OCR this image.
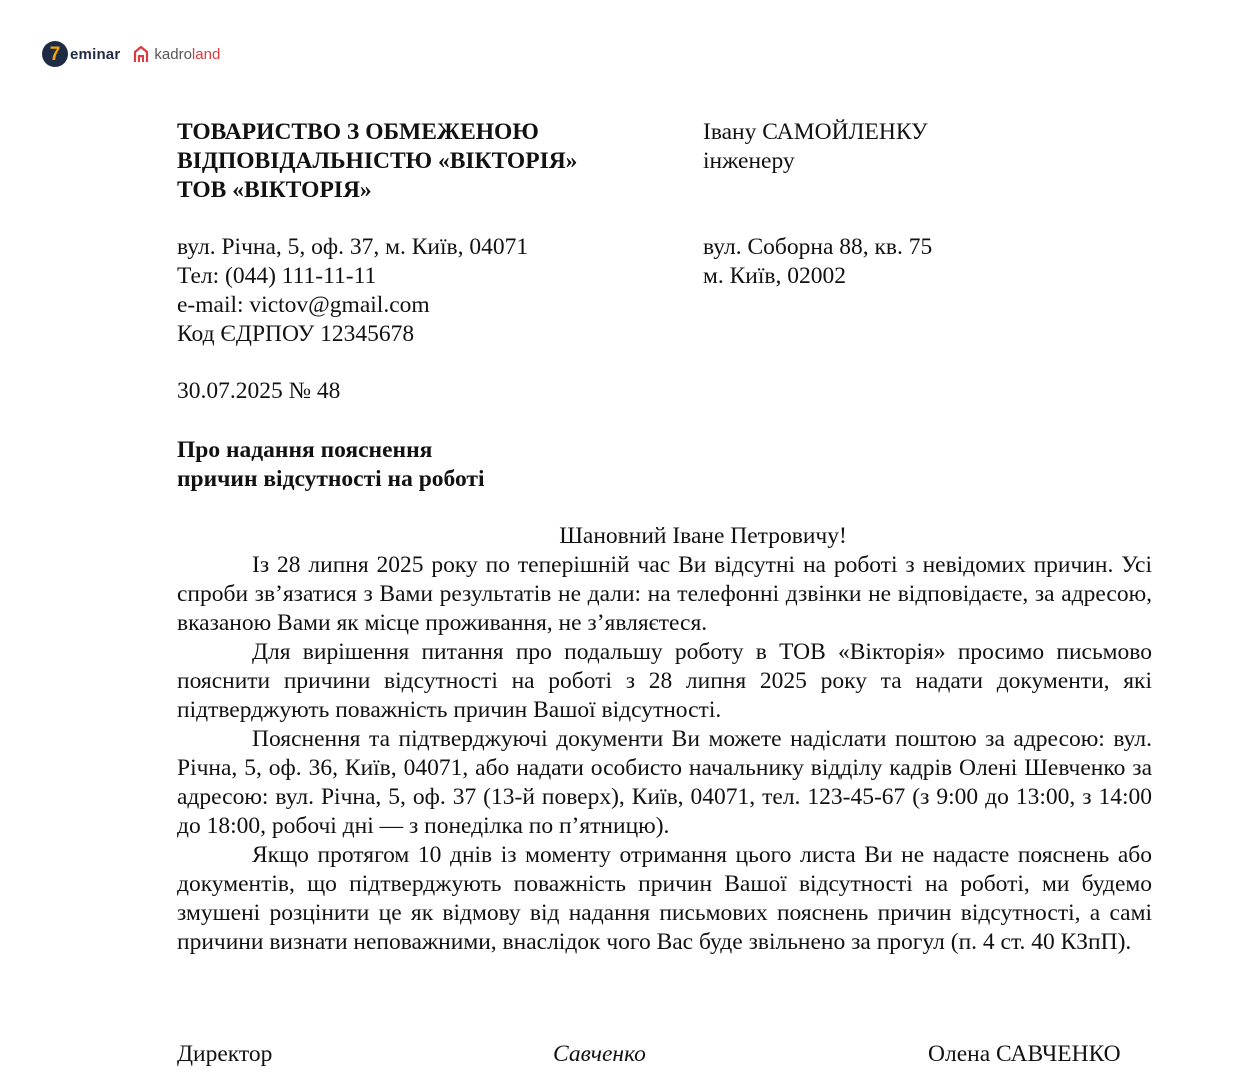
7 eminar kadroland
ТОВАРИСТВО З ОБМЕЖЕНОЮ
ВІДПОВІДАЛЬНІСТЮ «ВІКТОРІЯ»
ТОВ «ВІКТОРІЯ»
Івану САМОЙЛЕНКУ
інженеру
вул. Річна, 5, оф. 37, м. Київ, 04071
Тел: (044) 111-11-11
e-mail: victov@gmail.com
Код ЄДРПОУ 12345678
вул. Соборна 88, кв. 75
м. Київ, 02002
30.07.2025 № 48
Про надання пояснення
причин відсутності на роботі
Шановний Іване Петровичу!

Із 28 липня 2025 року по теперішній час Ви відсутні на роботі з невідомих причин. Усі спроби зв’язатися з Вами результатів не дали: на телефонні дзвінки не відповідаєте, за адресою, вказаною Вами як місце проживання, не з’являєтеся.

Для вирішення питання про подальшу роботу в ТОВ «Вікторія» просимо письмово пояснити причини відсутності на роботі з 28 липня 2025 року та надати документи, які підтверджують поважність причин Вашої відсутності.

Пояснення та підтверджуючі документи Ви можете надіслати поштою за адресою: вул. Річна, 5, оф. 36, Київ, 04071, або надати особисто начальнику відділу кадрів Олені Шевченко за адресою: вул. Річна, 5, оф. 37 (13-й поверх), Київ, 04071, тел. 123-45-67 (з 9:00 до 13:00, з 14:00 до 18:00, робочі дні — з понеділка по п’ятницю).

Якщо протягом 10 днів із моменту отримання цього листа Ви не надасте пояснень або документів, що підтверджують поважність причин Вашої відсутності на роботі, ми будемо змушені розцінити це як відмову від надання письмових пояснень причин відсутності, а самі причини визнати неповажними, внаслідок чого Вас буде звільнено за прогул (п. 4 ст. 40 КЗпП).

Директор	Савченко	Олена САВЧЕНКО
